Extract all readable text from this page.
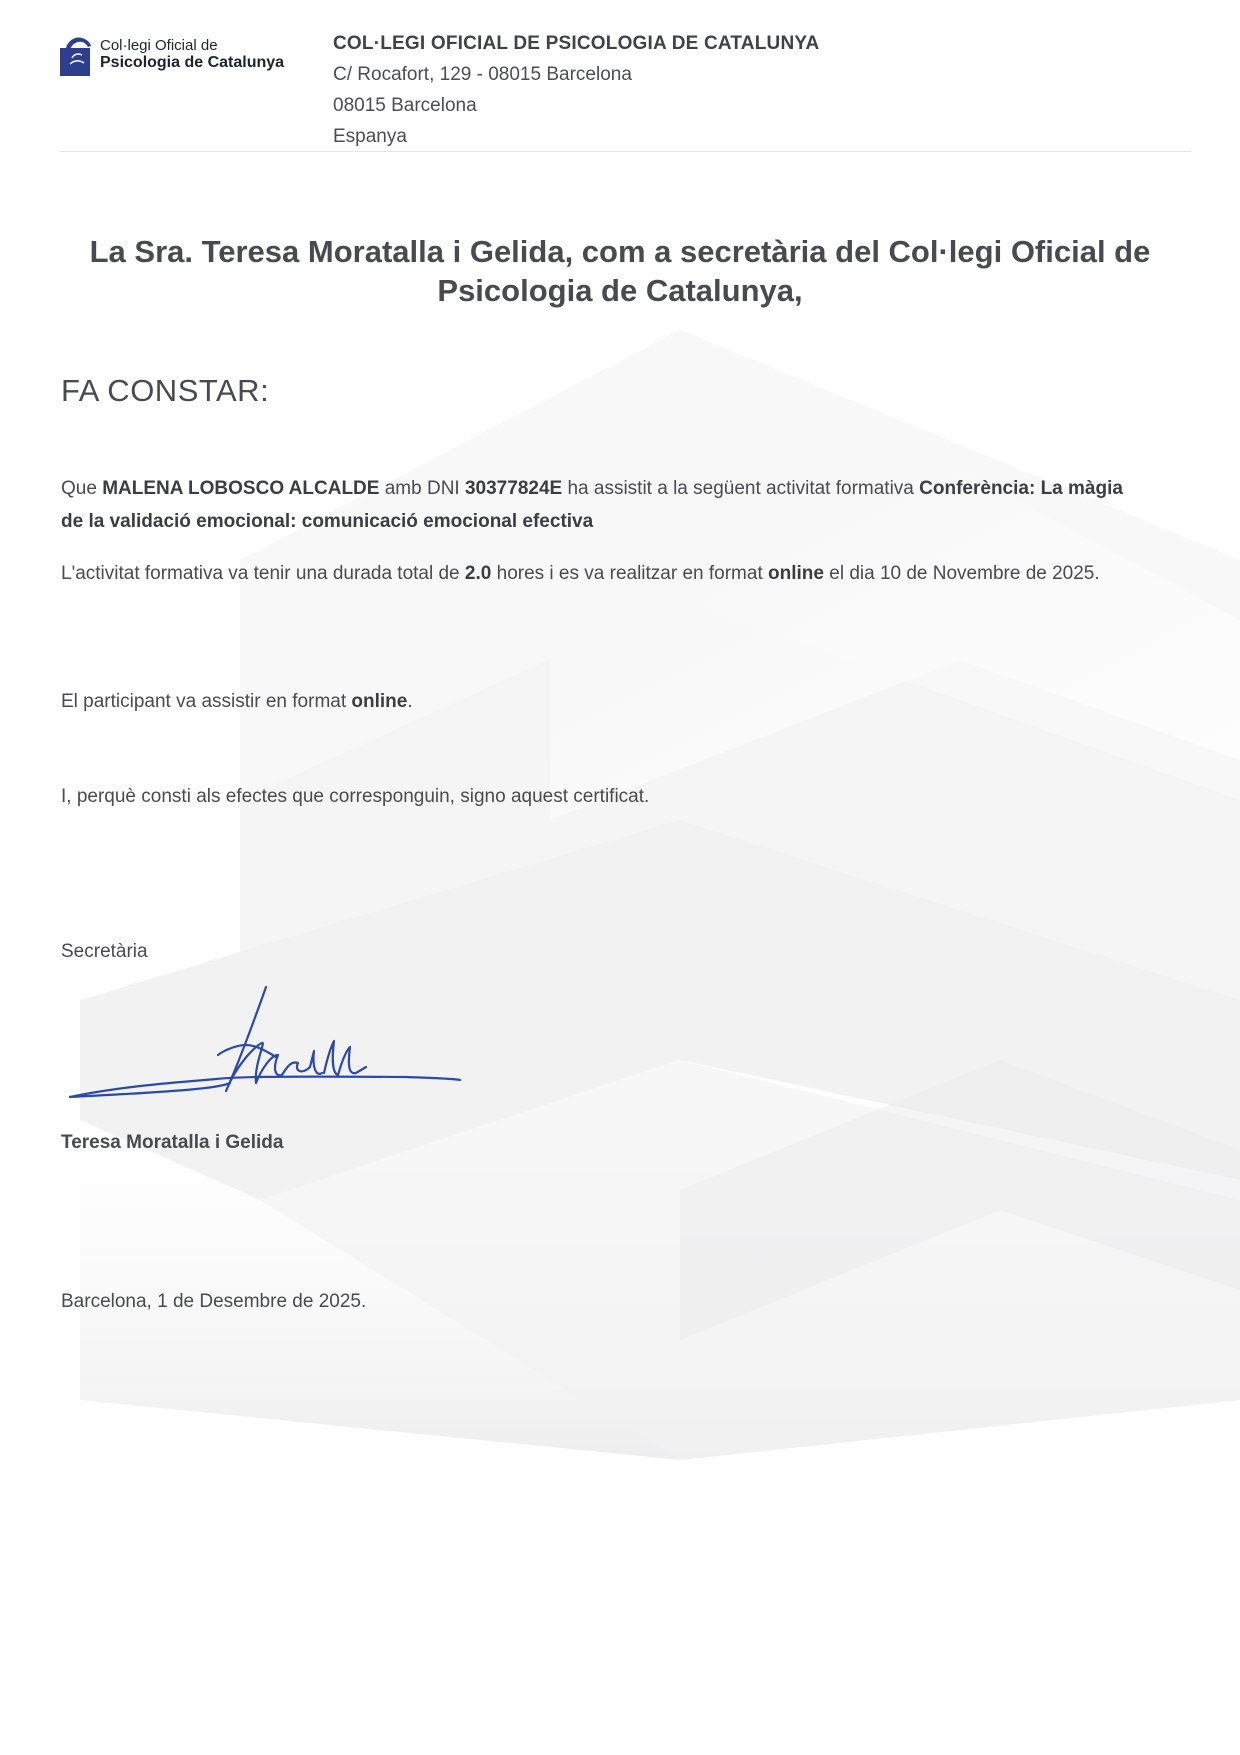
Col·legi Oficial de
Psicologia de Catalunya
COL·LEGI OFICIAL DE PSICOLOGIA DE CATALUNYA
C/ Rocafort, 129 - 08015 Barcelona
08015 Barcelona
Espanya
La Sra. Teresa Moratalla i Gelida, com a secretària del Col·legi Oficial de Psicologia de Catalunya,
FA CONSTAR:
Que MALENA LOBOSCO ALCALDE amb DNI 30377824E ha assistit a la següent activitat formativa Conferència: La màgia de la validació emocional: comunicació emocional efectiva
L'activitat formativa va tenir una durada total de 2.0 hores i es va realitzar en format online el dia 10 de Novembre de 2025.
El participant va assistir en format online.
I, perquè consti als efectes que corresponguin, signo aquest certificat.
Secretària
Teresa Moratalla i Gelida
Barcelona, 1 de Desembre de 2025.
